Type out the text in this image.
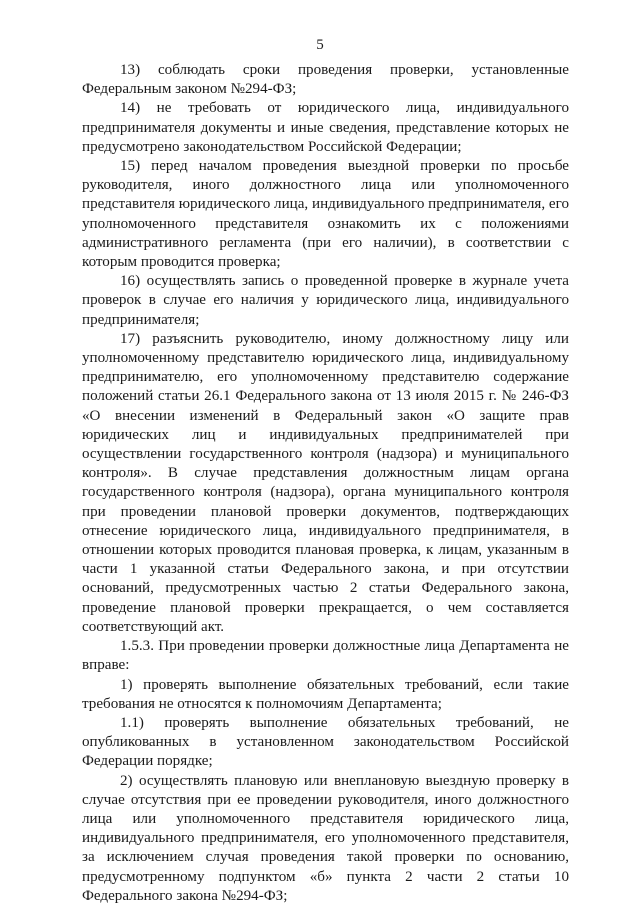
5

13) соблюдать сроки проведения проверки, установленные Федеральным законом №294-ФЗ;

14) не требовать от юридического лица, индивидуального предпринимателя документы и иные сведения, представление которых не предусмотрено законодательством Российской Федерации;

15) перед началом проведения выездной проверки по просьбе руководителя, иного должностного лица или уполномоченного представителя юридического лица, индивидуального предпринимателя, его уполномоченного представителя ознакомить их с положениями административного регламента (при его наличии), в соответствии с которым проводится проверка;

16) осуществлять запись о проведенной проверке в журнале учета проверок в случае его наличия у юридического лица, индивидуального предпринимателя;

17) разъяснить руководителю, иному должностному лицу или уполномоченному представителю юридического лица, индивидуальному предпринимателю, его уполномоченному представителю содержание положений статьи 26.1 Федерального закона от 13 июля 2015 г. № 246-ФЗ «О внесении изменений в Федеральный закон «О защите прав юридических лиц и индивидуальных предпринимателей при осуществлении государственного контроля (надзора) и муниципального контроля». В случае представления должностным лицам органа государственного контроля (надзора), органа муниципального контроля при проведении плановой проверки документов, подтверждающих отнесение юридического лица, индивидуального предпринимателя, в отношении которых проводится плановая проверка, к лицам, указанным в части 1 указанной статьи Федерального закона, и при отсутствии оснований, предусмотренных частью 2 статьи Федерального закона, проведение плановой проверки прекращается, о чем составляется соответствующий акт.

1.5.3. При проведении проверки должностные лица Департамента не вправе:

1) проверять выполнение обязательных требований, если такие требования не относятся к полномочиям Департамента;

1.1) проверять выполнение обязательных требований, не опубликованных в установленном законодательством Российской Федерации порядке;

2) осуществлять плановую или внеплановую выездную проверку в случае отсутствия при ее проведении руководителя, иного должностного лица или уполномоченного представителя юридического лица, индивидуального предпринимателя, его уполномоченного представителя, за исключением случая проведения такой проверки по основанию, предусмотренному подпунктом «б» пункта 2 части 2 статьи 10 Федерального закона №294-ФЗ;
